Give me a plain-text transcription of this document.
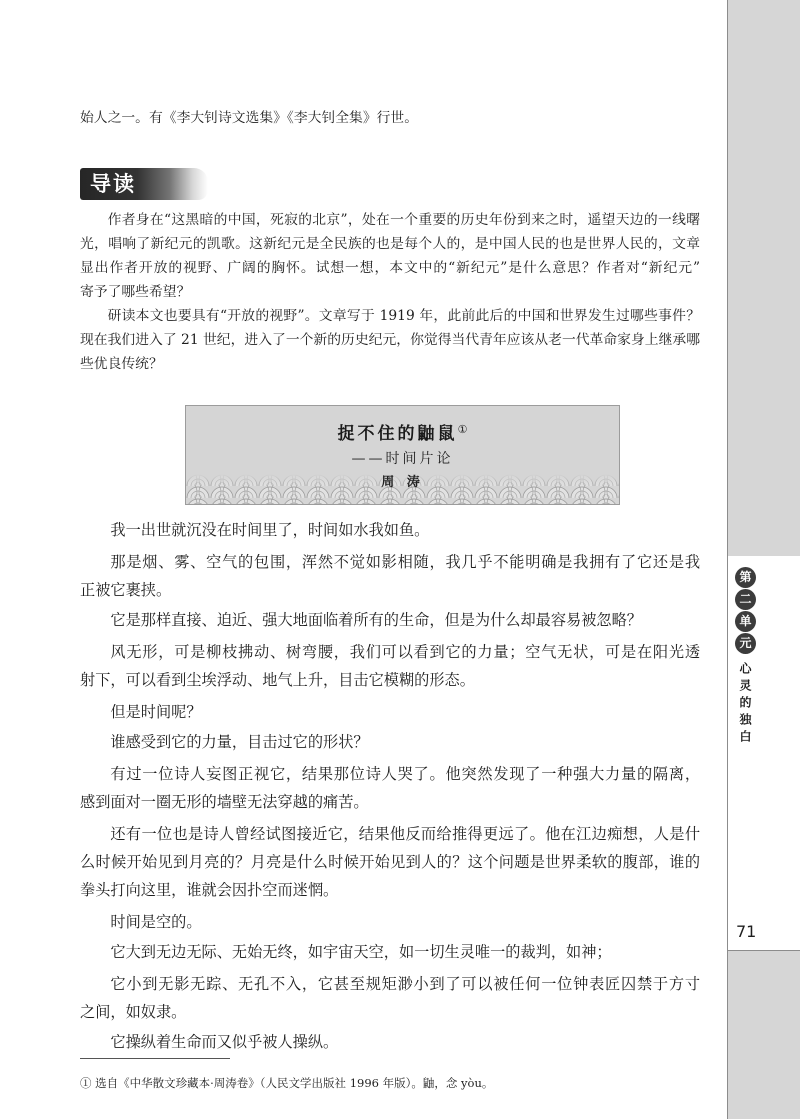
始人之一。有《李大钊诗文选集》《李大钊全集》行世。
导读
作者身在“这黑暗的中国，死寂的北京”，处在一个重要的历史年份到来之时，遥望天边的一线曙
光，唱响了新纪元的凯歌。这新纪元是全民族的也是每个人的，是中国人民的也是世界人民的，文章
显出作者开放的视野、广阔的胸怀。试想一想，本文中的“新纪元”是什么意思？作者对“新纪元”
寄予了哪些希望？
研读本文也要具有“开放的视野”。文章写于 1919 年，此前此后的中国和世界发生过哪些事件？
现在我们进入了 21 世纪，进入了一个新的历史纪元，你觉得当代青年应该从老一代革命家身上继承哪
些优良传统？
捉不住的鼬鼠①
——时间片论
周 涛
我一出世就沉没在时间里了，时间如水我如鱼。
那是烟、雾、空气的包围，浑然不觉如影相随，我几乎不能明确是我拥有了它还是我
正被它裹挟。
它是那样直接、迫近、强大地面临着所有的生命，但是为什么却最容易被忽略？
风无形，可是柳枝拂动、树弯腰，我们可以看到它的力量；空气无状，可是在阳光透
射下，可以看到尘埃浮动、地气上升，目击它模糊的形态。
但是时间呢？
谁感受到它的力量，目击过它的形状？
有过一位诗人妄图正视它，结果那位诗人哭了。他突然发现了一种强大力量的隔离，
感到面对一圈无形的墙壁无法穿越的痛苦。
还有一位也是诗人曾经试图接近它，结果他反而给推得更远了。他在江边痴想，人是什
么时候开始见到月亮的？月亮是什么时候开始见到人的？这个问题是世界柔软的腹部，谁的
拳头打向这里，谁就会因扑空而迷惘。
时间是空的。
它大到无边无际、无始无终，如宇宙天空，如一切生灵唯一的裁判，如神；
它小到无影无踪、无孔不入，它甚至规矩渺小到了可以被任何一位钟表匠囚禁于方寸
之间，如奴隶。
它操纵着生命而又似乎被人操纵。
① 选自《中华散文珍藏本·周涛卷》（人民文学出版社 1996 年版）。鼬，念 yòu。
第
二
单
元
心灵的独白
71
